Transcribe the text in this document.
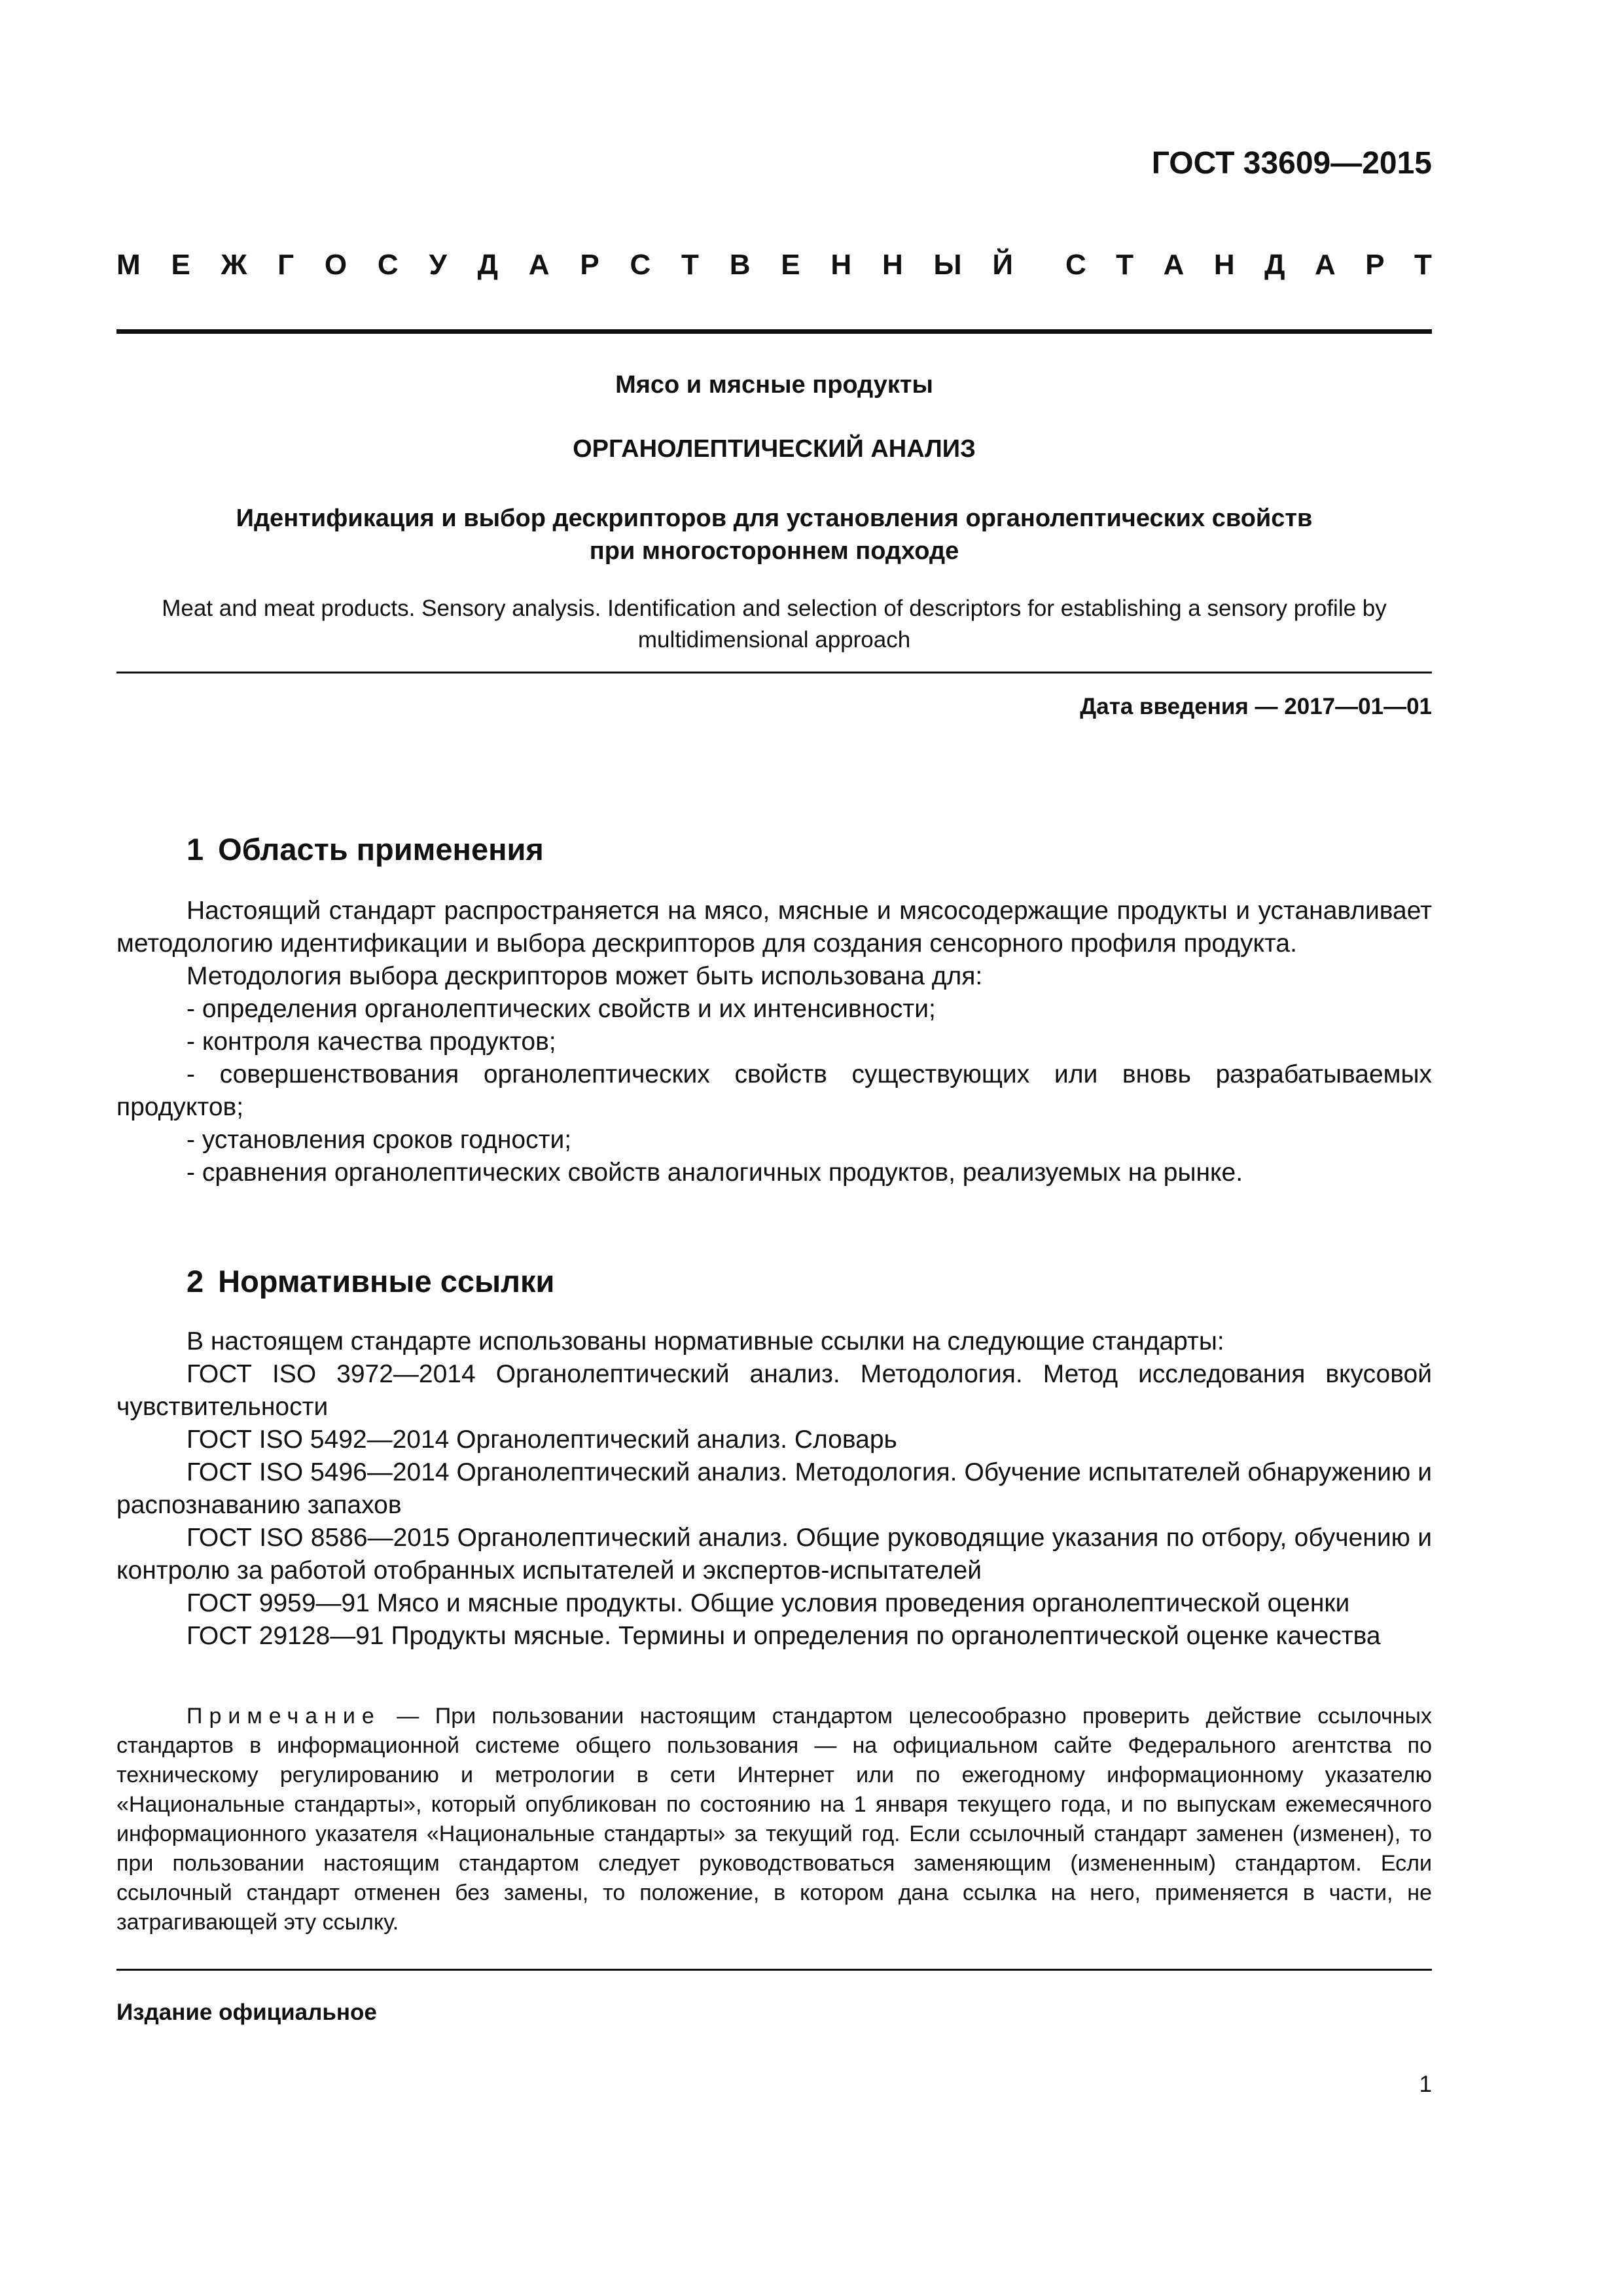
ГОСТ 33609—2015
М Е Ж Г О С У Д А Р С Т В Е Н Н Ы Й С Т А Н Д А Р Т
Мясо и мясные продукты
ОРГАНОЛЕПТИЧЕСКИЙ АНАЛИЗ
Идентификация и выбор дескрипторов для установления органолептических свойств
при многостороннем подходе
Meat and meat products. Sensory analysis. Identification and selection of descriptors for establishing a sensory profile by multidimensional approach
Дата введения — 2017—01—01
1 Область применения

Настоящий стандарт распространяется на мясо, мясные и мясосодержащие продукты и устанавливает методологию идентификации и выбора дескрипторов для создания сенсорного профиля продукта.

Методология выбора дескрипторов может быть использована для:

- определения органолептических свойств и их интенсивности;

- контроля качества продуктов;

- совершенствования органолептических свойств существующих или вновь разрабатываемых продуктов;

- установления сроков годности;

- сравнения органолептических свойств аналогичных продуктов, реализуемых на рынке.

2 Нормативные ссылки

В настоящем стандарте использованы нормативные ссылки на следующие стандарты:

ГОСТ ISO 3972—2014 Органолептический анализ. Методология. Метод исследования вкусовой чувствительности

ГОСТ ISO 5492—2014 Органолептический анализ. Словарь

ГОСТ ISO 5496—2014 Органолептический анализ. Методология. Обучение испытателей обнаружению и распознаванию запахов

ГОСТ ISO 8586—2015 Органолептический анализ. Общие руководящие указания по отбору, обучению и контролю за работой отобранных испытателей и экспертов-испытателей

ГОСТ 9959—91 Мясо и мясные продукты. Общие условия проведения органолептической оценки

ГОСТ 29128—91 Продукты мясные. Термины и определения по органолептической оценке качества

Примечание — При пользовании настоящим стандартом целесообразно проверить действие ссылочных стандартов в информационной системе общего пользования — на официальном сайте Федерального агентства по техническому регулированию и метрологии в сети Интернет или по ежегодному информационному указателю «Национальные стандарты», который опубликован по состоянию на 1 января текущего года, и по выпускам ежемесячного информационного указателя «Национальные стандарты» за текущий год. Если ссылочный стандарт заменен (изменен), то при пользовании настоящим стандартом следует руководствоваться заменяющим (измененным) стандартом. Если ссылочный стандарт отменен без замены, то положение, в котором дана ссылка на него, применяется в части, не затрагивающей эту ссылку.

Издание официальное
1
